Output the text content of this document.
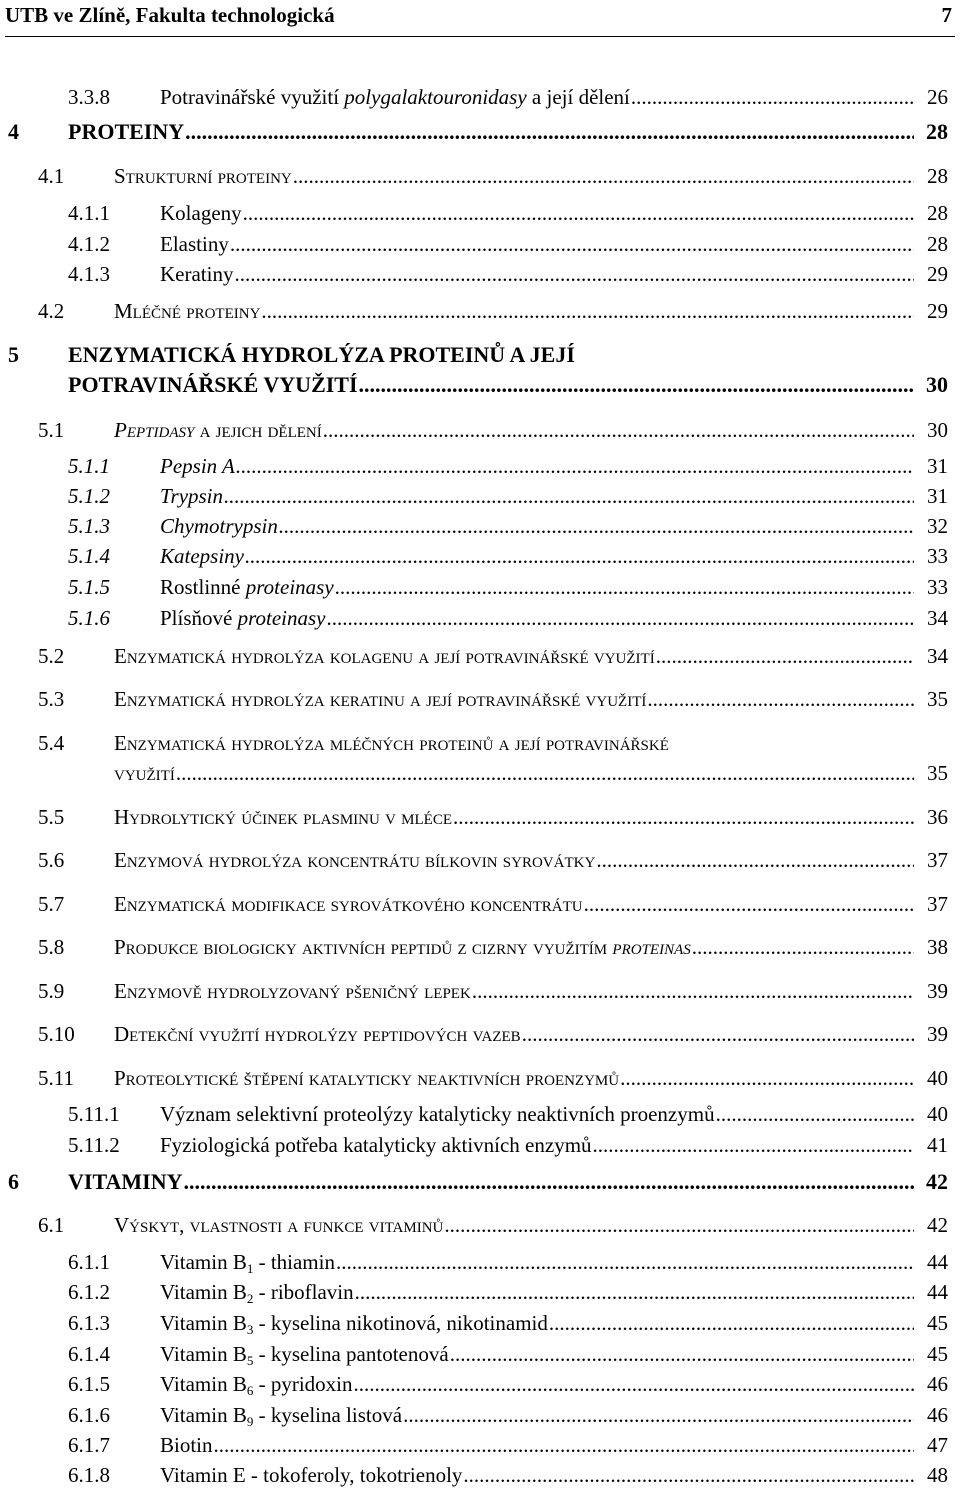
UTB ve Zlíně, Fakulta technologická	7
3.3.8 Potravinářské využití polygalaktouronidasy a její dělení .....	26
4 PROTEINY .....	28
4.1 Strukturní proteiny .....	28
4.1.1 Kolageny .....	28
4.1.2 Elastiny .....	28
4.1.3 Keratiny .....	29
4.2 Mléčné proteiny .....	29
5 ENZYMATICKÁ HYDROLÝZA PROTEINŮ A JEJÍ
POTRAVINÁŘSKÉ VYUŽITÍ .....	30
5.1 Peptidasy a jejich dělení .....	30
5.1.1 Pepsin A .....	31
5.1.2 Trypsin .....	31
5.1.3 Chymotrypsin .....	32
5.1.4 Katepsiny .....	33
5.1.5 Rostlinné proteinasy .....	33
5.1.6 Plísňové proteinasy .....	34
5.2 Enzymatická hydrolýza kolagenu a její potravinářské využití .....	34
5.3 Enzymatická hydrolýza keratinu a její potravinářské využití .....	35
5.4 Enzymatická hydrolýza mléčných proteinů a její potravinářské
využití .....	35
5.5 Hydrolytický účinek plasminu v mléce .....	36
5.6 Enzymová hydrolýza koncentrátu bílkovin syrovátky .....	37
5.7 Enzymatická modifikace syrovátkového koncentrátu .....	37
5.8 Produkce biologicky aktivních peptidů z cizrny využitím proteinas .....	38
5.9 Enzymově hydrolyzovaný pšeničný lepek .....	39
5.10 Detekční využití hydrolýzy peptidových vazeb .....	39
5.11 Proteolytické štěpení katalyticky neaktivních proenzymů .....	40
5.11.1 Význam selektivní proteolýzy katalyticky neaktivních proenzymů .....	40
5.11.2 Fyziologická potřeba katalyticky aktivních enzymů .....	41
6 VITAMINY .....	42
6.1 Výskyt, vlastnosti a funkce vitaminů .....	42
6.1.1 Vitamin $B_1$ - thiamin .....	44
6.1.2 Vitamin $B_2$ - riboflavin .....	44
6.1.3 Vitamin $B_3$ - kyselina nikotinová, nikotinamid .....	45
6.1.4 Vitamin $B_5$ - kyselina pantotenová .....	45
6.1.5 Vitamin $B_6$ - pyridoxin .....	46
6.1.6 Vitamin $B_9$ - kyselina listová .....	46
6.1.7 Biotin .....	47
6.1.8 Vitamin E - tokoferoly, tokotrienoly .....	48
